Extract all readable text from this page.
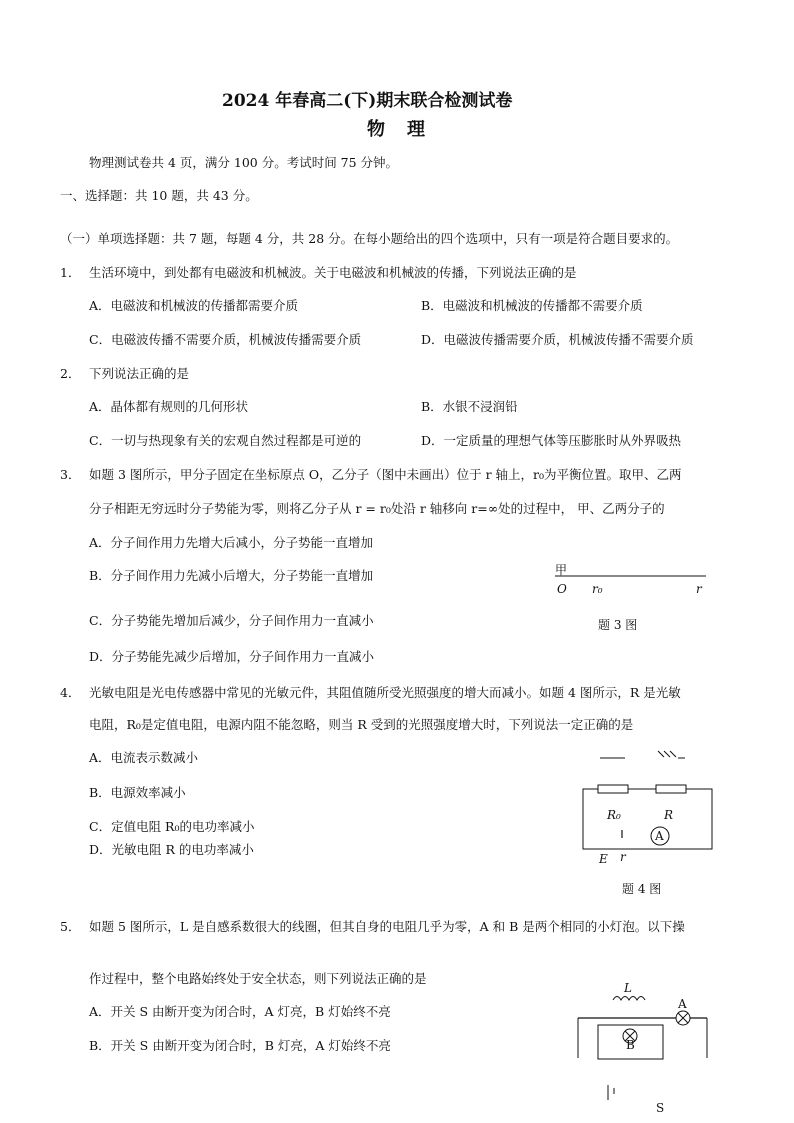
2024 年春高二(下)期末联合检测试卷
物　理
物理测试卷共 4 页，满分 100 分。考试时间 75 分钟。
一、选择题：共 10 题，共 43 分。
（一）单项选择题：共 7 题，每题 4 分，共 28 分。在每小题给出的四个选项中，只有一项是符合题目要求的。
1． 生活环境中，到处都有电磁波和机械波。关于电磁波和机械波的传播，下列说法正确的是
A．电磁波和机械波的传播都需要介质	B．电磁波和机械波的传播都不需要介质
C．电磁波传播不需要介质，机械波传播需要介质	D．电磁波传播需要介质，机械波传播不需要介质
2． 下列说法正确的是
A．晶体都有规则的几何形状	B．水银不浸润铅
C．一切与热现象有关的宏观自然过程都是可逆的	D．一定质量的理想气体等压膨胀时从外界吸热
3． 如题 3 图所示，甲分子固定在坐标原点 O，乙分子（图中未画出）位于 r 轴上，r₀为平衡位置。取甲、乙两
分子相距无穷远时分子势能为零，则将乙分子从 r = r₀处沿 r 轴移向 r=∞处的过程中， 甲、乙两分子的
A．分子间作用力先增大后减小，分子势能一直增加
B．分子间作用力先减小后增大，分子势能一直增加
C．分子势能先增加后减少，分子间作用力一直减小
D．分子势能先减少后增加，分子间作用力一直减小
甲
O r₀	r
题 3 图
4． 光敏电阻是光电传感器中常见的光敏元件，其阻值随所受光照强度的增大而减小。如题 4 图所示，R 是光敏
电阻，R₀是定值电阻，电源内阻不能忽略，则当 R 受到的光照强度增大时，下列说法一定正确的是
A．电流表示数减小
B．电源效率减小
C．定值电阻 R₀的电功率减小
D．光敏电阻 R 的电功率减小
R₀	R
A
E r
题 4 图
5． 如题 5 图所示，L 是自感系数很大的线圈，但其自身的电阻几乎为零，A 和 B 是两个相同的小灯泡。以下操
作过程中，整个电路始终处于安全状态，则下列说法正确的是
A．开关 S 由断开变为闭合时，A 灯亮，B 灯始终不亮
B．开关 S 由断开变为闭合时，B 灯亮，A 灯始终不亮
L
B
A
S
